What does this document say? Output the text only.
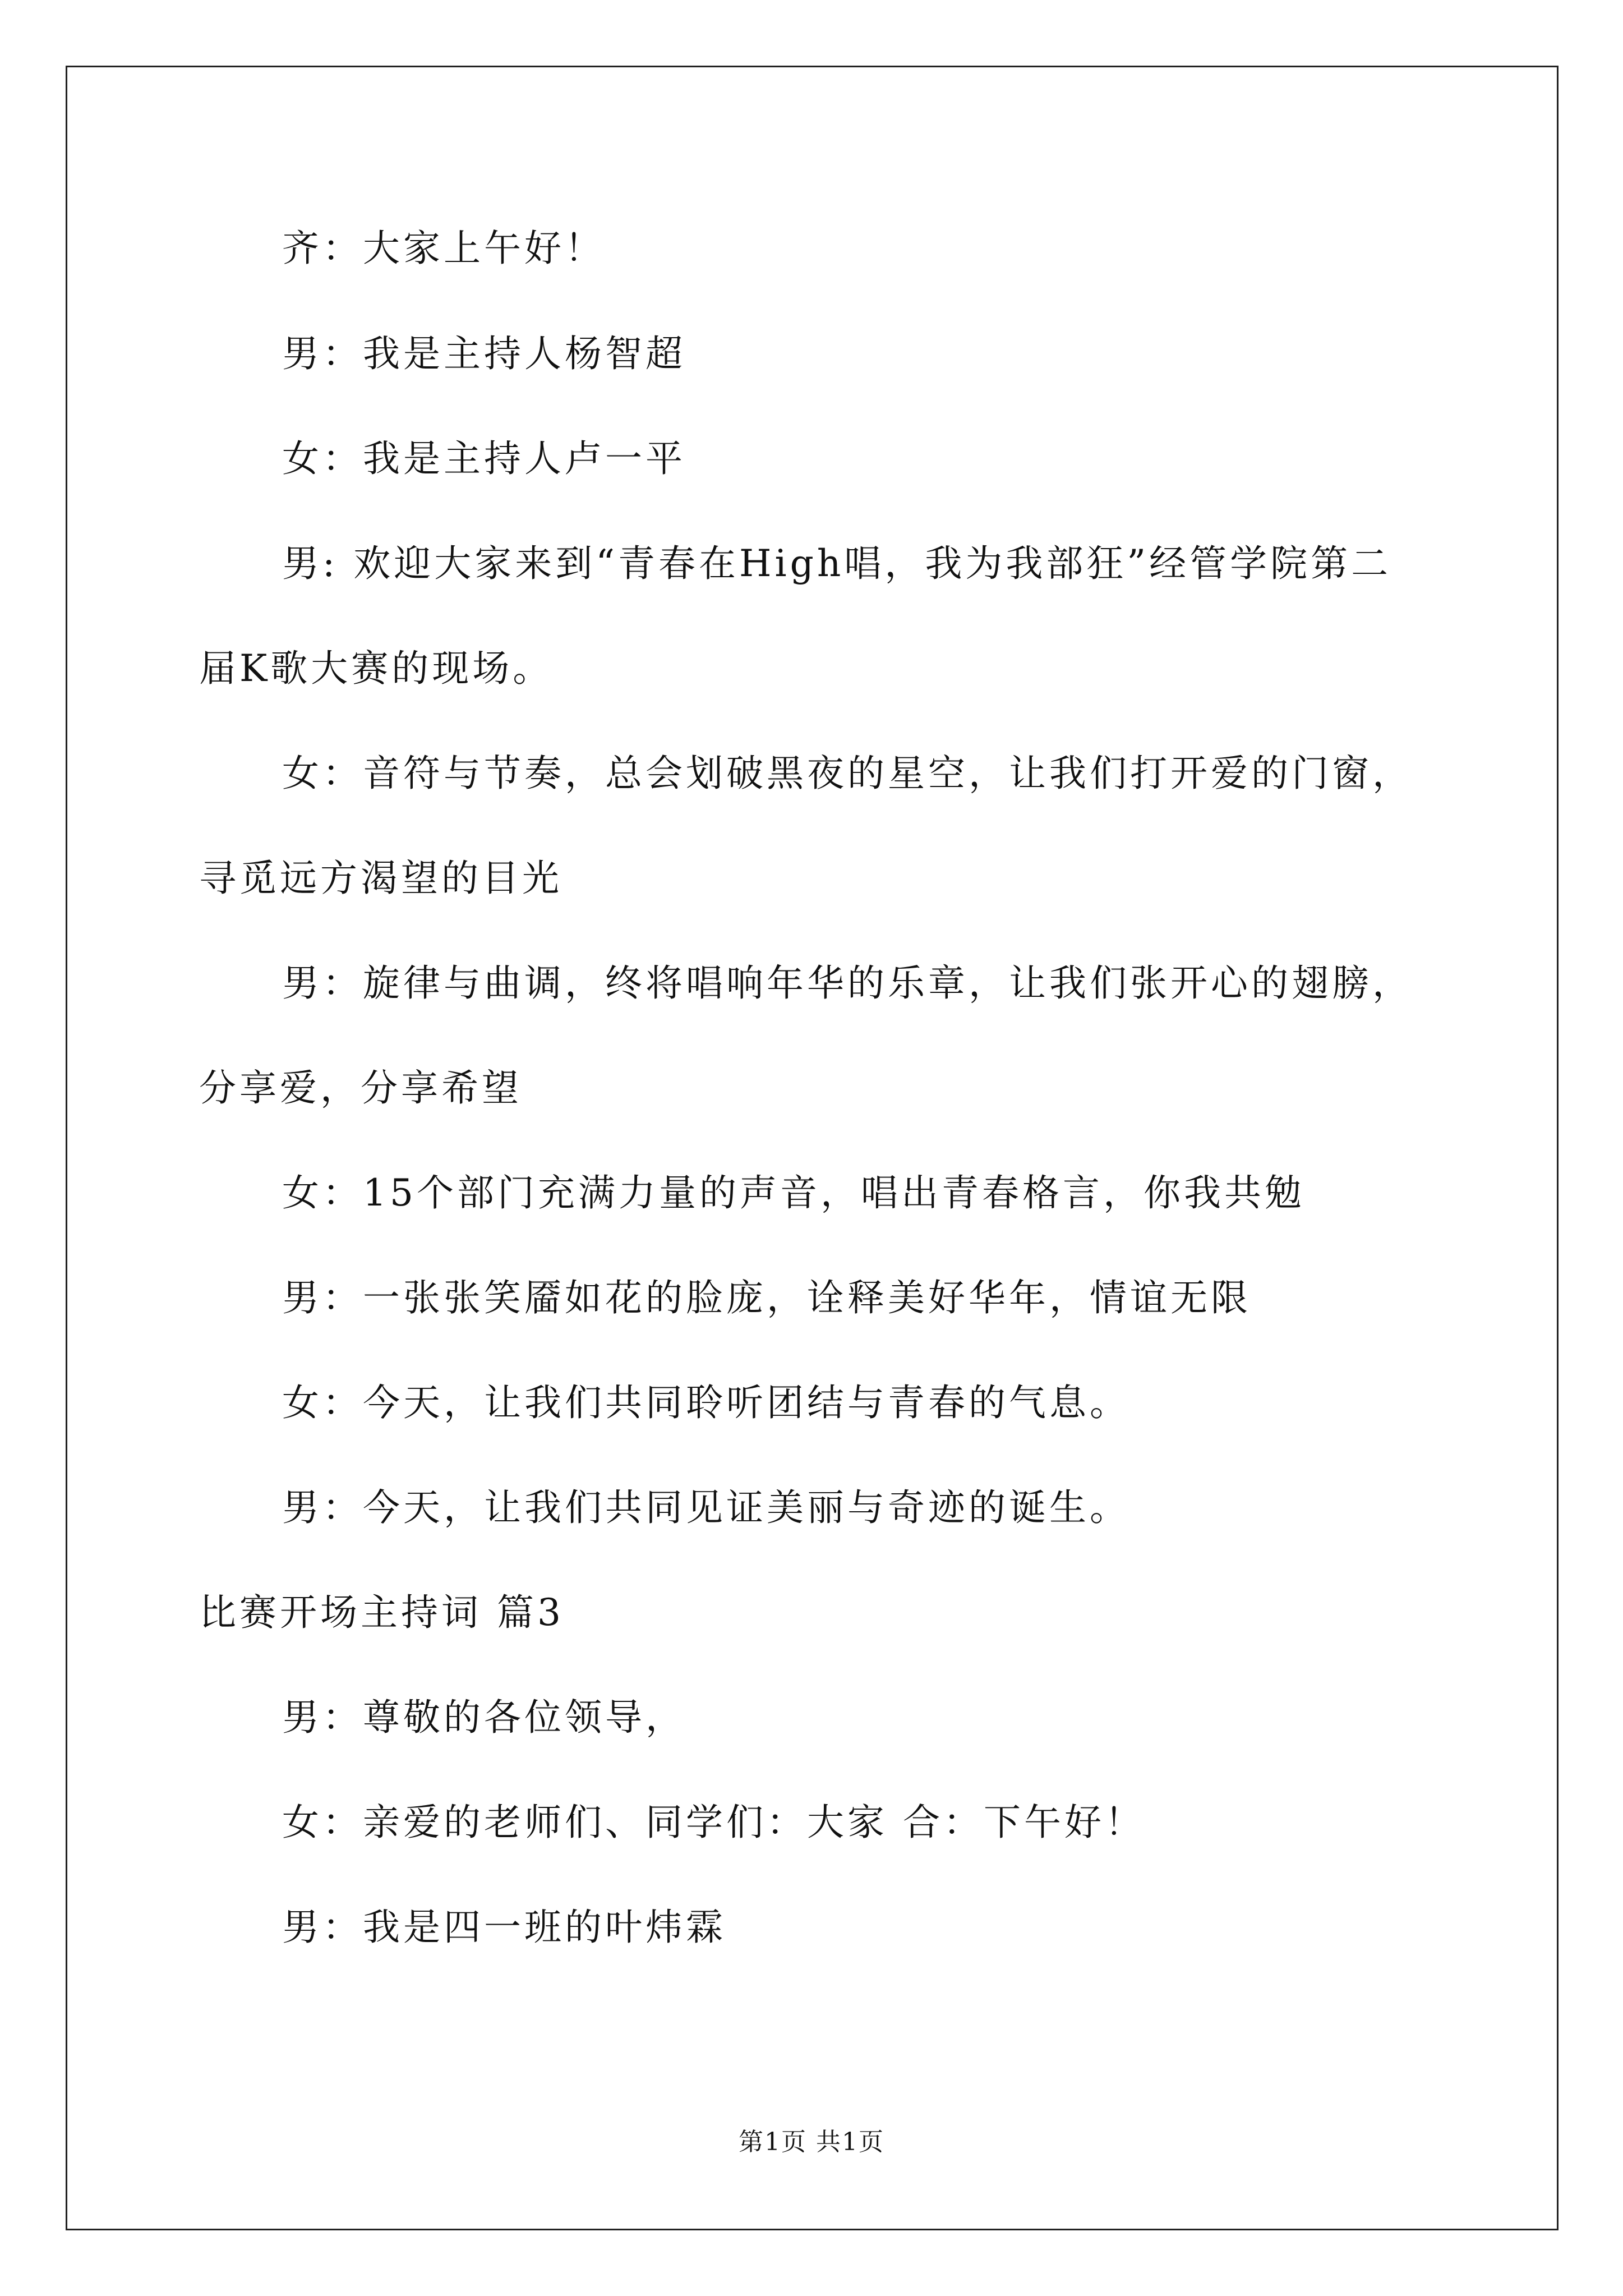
齐：大家上午好！
男：我是主持人杨智超
女：我是主持人卢一平
男: 欢迎大家来到“青春在High唱，我为我部狂”经管学院第二
届K歌大赛的现场。
女：音符与节奏，总会划破黑夜的星空，让我们打开爱的门窗，
寻觅远方渴望的目光
男：旋律与曲调，终将唱响年华的乐章，让我们张开心的翅膀，
分享爱，分享希望
女：15个部门充满力量的声音，唱出青春格言，你我共勉
男：一张张笑靥如花的脸庞，诠释美好华年，情谊无限
女：今天，让我们共同聆听团结与青春的气息。
男：今天，让我们共同见证美丽与奇迹的诞生。
比赛开场主持词 篇3
男：尊敬的各位领导，
女：亲爱的老师们、同学们：大家 合：下午好！
男：我是四一班的叶炜霖
第1页 共1页
